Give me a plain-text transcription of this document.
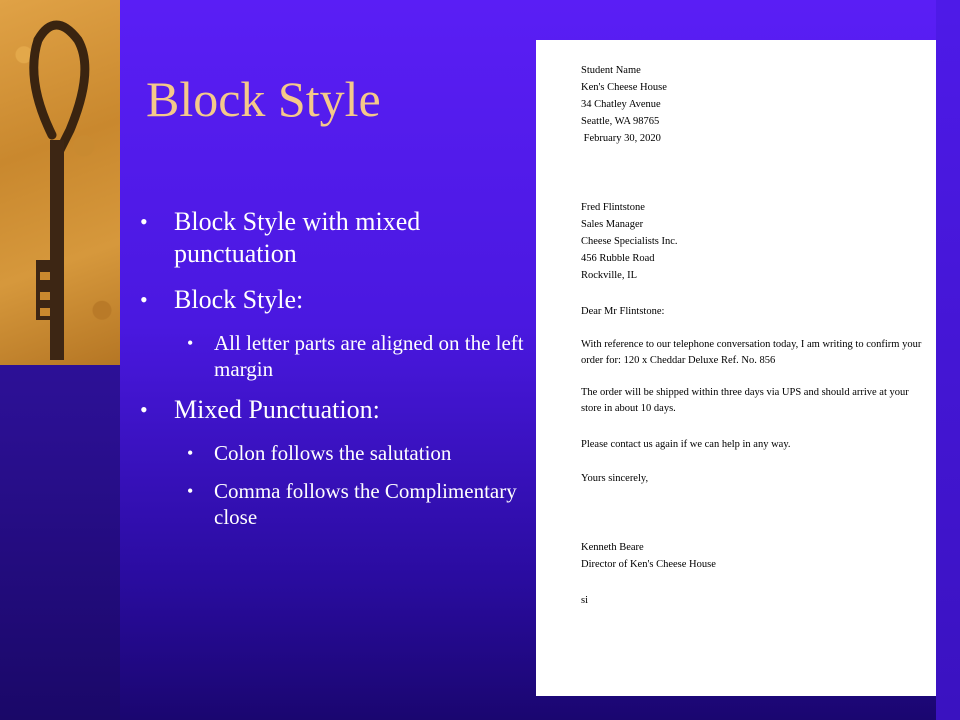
Block Style
• Block Style with mixed punctuation
• Block Style:
• All letter parts are aligned on the left margin
• Mixed Punctuation:
• Colon follows the salutation
• Comma follows the Complimentary close
Student Name
Ken's Cheese House
34 Chatley Avenue
Seattle, WA 98765
February 30, 2020
Fred Flintstone
Sales Manager
Cheese Specialists Inc.
456 Rubble Road
Rockville, IL
Dear Mr Flintstone:
With reference to our telephone conversation today, I am writing to confirm your order for: 120 x Cheddar Deluxe Ref. No. 856
The order will be shipped within three days via UPS and should arrive at your store in about 10 days.
Please contact us again if we can help in any way.
Yours sincerely,
Kenneth Beare
Director of Ken's Cheese House
si
